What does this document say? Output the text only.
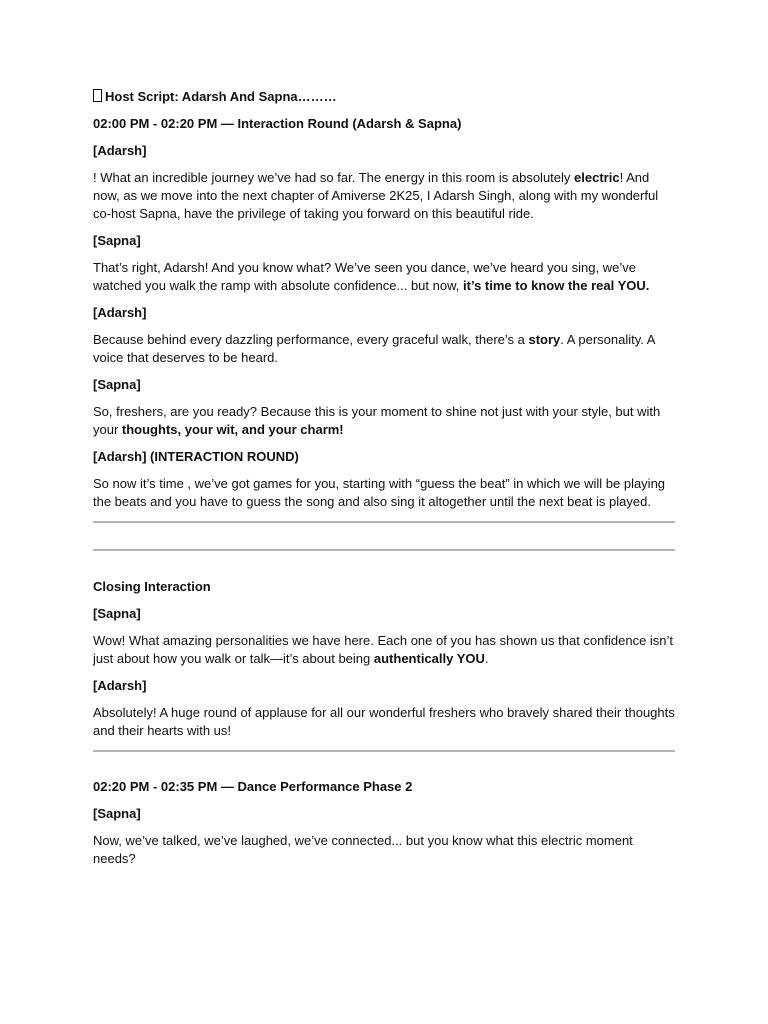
Host Script: Adarsh And Sapna………

02:00 PM - 02:20 PM — Interaction Round (Adarsh & Sapna)

[Adarsh]

! What an incredible journey we’ve had so far. The energy in this room is absolutely electric! And now, as we move into the next chapter of Amiverse 2K25, I Adarsh Singh, along with my wonderful co-host Sapna, have the privilege of taking you forward on this beautiful ride.

[Sapna]

That’s right, Adarsh! And you know what? We’ve seen you dance, we’ve heard you sing, we’ve watched you walk the ramp with absolute confidence... but now, it’s time to know the real YOU.

[Adarsh]

Because behind every dazzling performance, every graceful walk, there’s a story. A personality. A voice that deserves to be heard.

[Sapna]

So, freshers, are you ready? Because this is your moment to shine not just with your style, but with your thoughts, your wit, and your charm!

[Adarsh] (INTERACTION ROUND)

So now it’s time , we’ve got games for you, starting with “guess the beat” in which we will be playing the beats and you have to guess the song and also sing it altogether until the next beat is played.

Closing Interaction

[Sapna]

Wow! What amazing personalities we have here. Each one of you has shown us that confidence isn’t just about how you walk or talk—it’s about being authentically YOU.

[Adarsh]

Absolutely! A huge round of applause for all our wonderful freshers who bravely shared their thoughts and their hearts with us!

02:20 PM - 02:35 PM — Dance Performance Phase 2

[Sapna]

Now, we’ve talked, we’ve laughed, we’ve connected... but you know what this electric moment needs?
